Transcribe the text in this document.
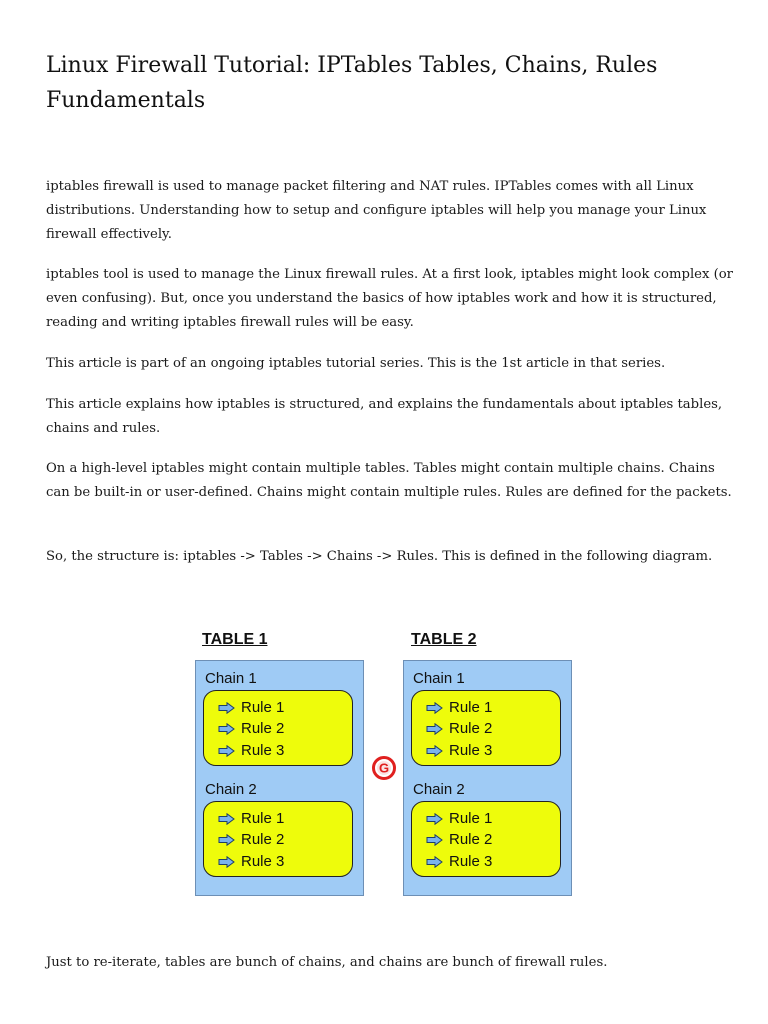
Linux Firewall Tutorial: IPTables Tables, Chains, Rules Fundamentals

iptables firewall is used to manage packet filtering and NAT rules. IPTables comes with all Linux distributions. Understanding how to setup and configure iptables will help you manage your Linux firewall effectively.

iptables tool is used to manage the Linux firewall rules. At a first look, iptables might look complex (or even confusing). But, once you understand the basics of how iptables work and how it is structured, reading and writing iptables firewall rules will be easy.

This article is part of an ongoing iptables tutorial series. This is the 1st article in that series.

This article explains how iptables is structured, and explains the fundamentals about iptables tables, chains and rules.

On a high-level iptables might contain multiple tables. Tables might contain multiple chains. Chains can be built-in or user-defined. Chains might contain multiple rules. Rules are defined for the packets.

So, the structure is: iptables -> Tables -> Chains -> Rules. This is defined in the following diagram.

TABLE 1
Chain 1
Rule 1
Rule 2
Rule 3
Chain 2
Rule 1
Rule 2
Rule 3
G
TABLE 2
Chain 1
Rule 1
Rule 2
Rule 3
Chain 2
Rule 1
Rule 2
Rule 3

Just to re-iterate, tables are bunch of chains, and chains are bunch of firewall rules.
